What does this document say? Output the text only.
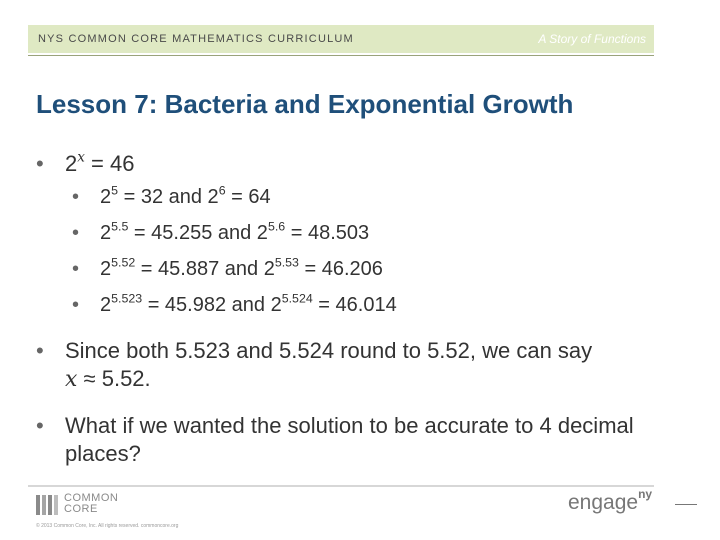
NYS COMMON CORE MATHEMATICS CURRICULUM	A Story of Functions
Lesson 7: Bacteria and Exponential Growth
• $2^x = 46$
• $2^5 = 32$ and $2^6 = 64$
• $2^{5.5} = 45.255$ and $2^{5.6} = 48.503$
• $2^{5.52} = 45.887$ and $2^{5.53} = 46.206$
• $2^{5.523} = 45.982$ and $2^{5.524} = 46.014$
• Since both 5.523 and 5.524 round to 5.52, we can say
x ≈ 5.52.
• What if we wanted the solution to be accurate to 4 decimal places?
COMMON
CORE
© 2013 Common Core, Inc. All rights reserved. commoncore.org
engage$^{ny}$
